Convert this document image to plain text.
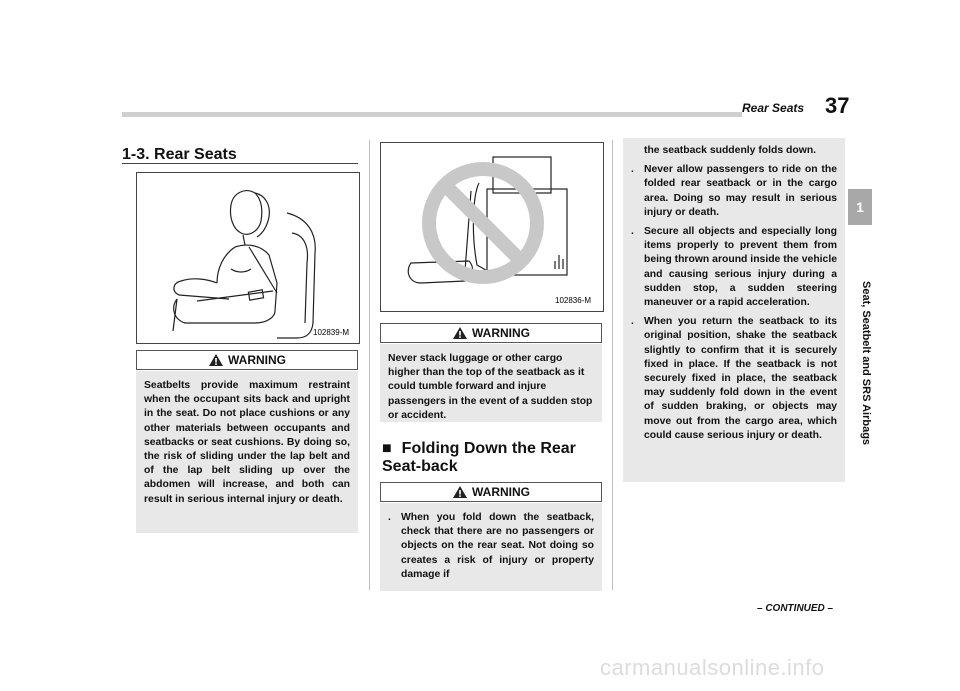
Rear Seats 37
1
Seat, Seatbelt and SRS Airbags
1-3. Rear Seats
102839-M
WARNING

Seatbelts provide maximum restraint when the occupant sits back and upright in the seat. Do not place cushions or any other materials between occupants and seatbacks or seat cushions. By doing so, the risk of sliding under the lap belt and of the lap belt sliding up over the abdomen will increase, and both can result in serious internal injury or death.

102836-M
WARNING

Never stack luggage or other cargo higher than the top of the seatback as it could tumble forward and injure passengers in the event of a sudden stop or accident.

■ Folding Down the Rear Seat-back
WARNING
. When you fold down the seatback, check that there are no passengers or objects on the rear seat. Not doing so creates a risk of injury or property damage if
the seatback suddenly folds down.
. Never allow passengers to ride on the folded rear seatback or in the cargo area. Doing so may result in serious injury or death.
. Secure all objects and especially long items properly to prevent them from being thrown around inside the vehicle and causing serious injury during a sudden stop, a sudden steering maneuver or a rapid acceleration.
. When you return the seatback to its original position, shake the seatback slightly to confirm that it is securely fixed in place. If the seatback is not securely fixed in place, the seatback may suddenly fold down in the event of sudden braking, or objects may move out from the cargo area, which could cause serious injury or death.
– CONTINUED –
carmanualsonline.info
